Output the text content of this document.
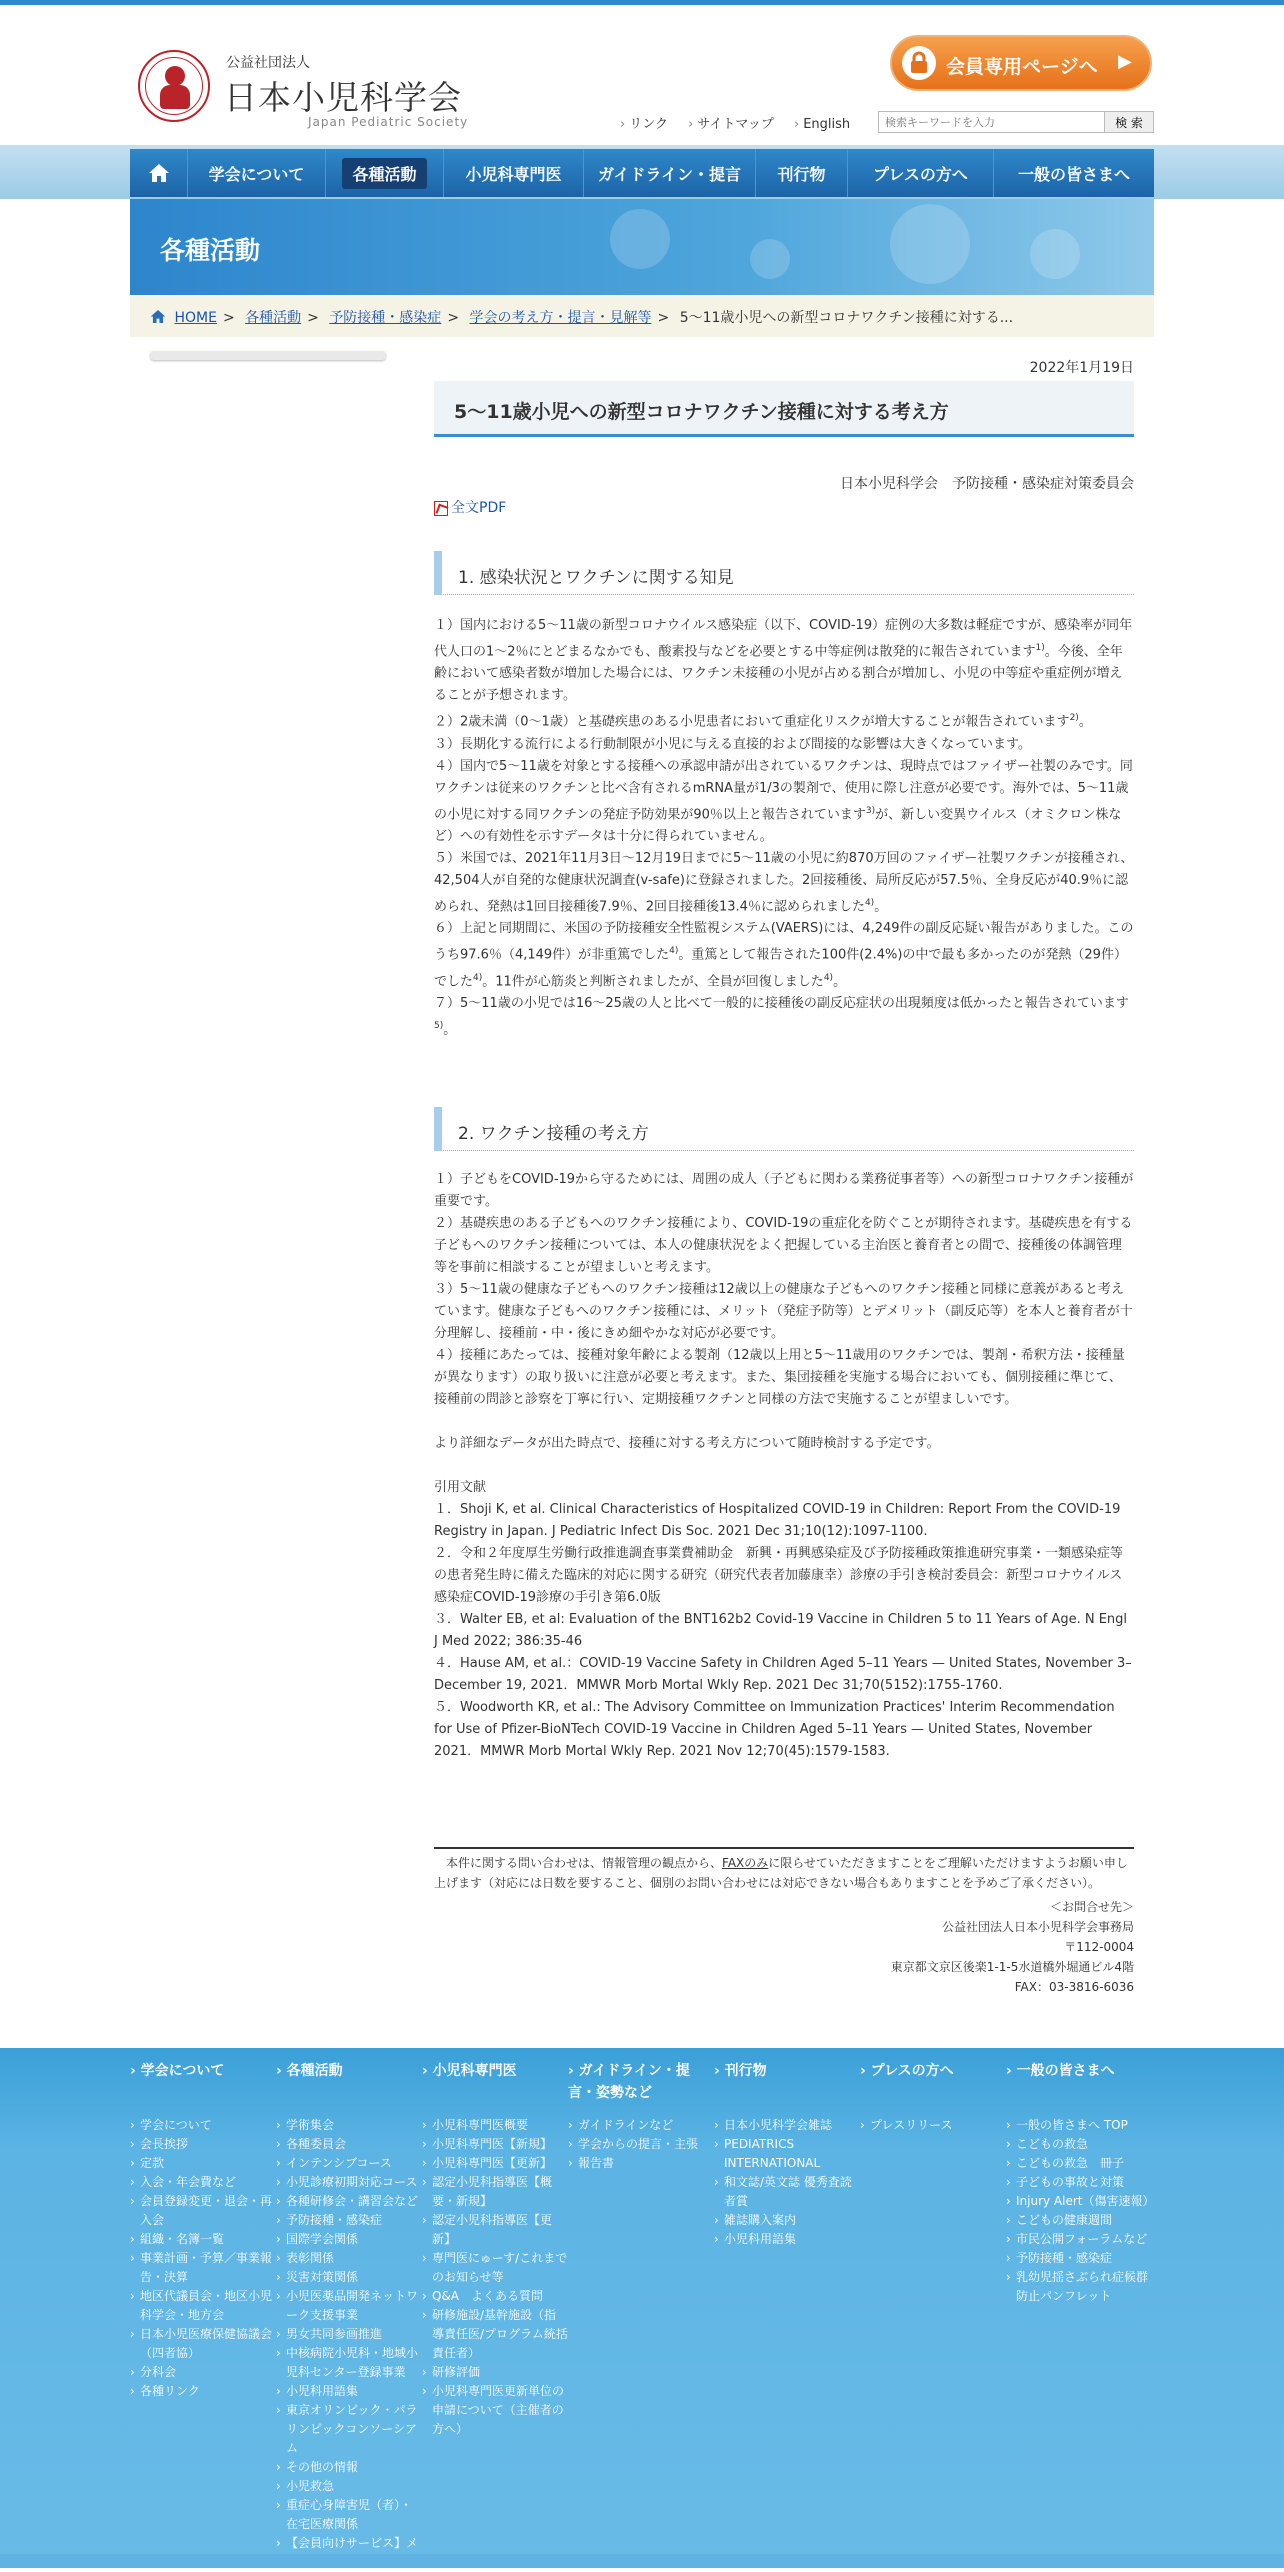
公益社団法人
日本小児科学会
Japan Pediatric Society
会員専用ページへ ▶
› リンク › サイトマップ › English
検索キーワードを入力	検 索
学会について	各種活動	小児科専門医 ガイドライン・提言 刊行物	プレスの方へ	一般の皆さまへ
各種活動
HOME > 各種活動 > 予防接種・感染症 > 学会の考え方・提言・見解等 > 5～11歳小児への新型コロナワクチン接種に対する...
2022年1月19日
5～11歳小児への新型コロナワクチン接種に対する考え方
日本小児科学会　予防接種・感染症対策委員会
全文PDF
1. 感染状況とワクチンに関する知見

１）国内における5～11歳の新型コロナウイルス感染症（以下、COVID-19）症例の大多数は軽症ですが、感染率が同年代人口の1～2％にとどまるなかでも、酸素投与などを必要とする中等症例は散発的に報告されています$^{1)}$。今後、全年齢において感染者数が増加した場合には、ワクチン未接種の小児が占める割合が増加し、小児の中等症や重症例が増えることが予想されます。

２）2歳未満（0～1歳）と基礎疾患のある小児患者において重症化リスクが増大することが報告されています$^{2)}$。

３）長期化する流行による行動制限が小児に与える直接的および間接的な影響は大きくなっています。

４）国内で5～11歳を対象とする接種への承認申請が出されているワクチンは、現時点ではファイザー社製のみです。同ワクチンは従来のワクチンと比べ含有されるmRNA量が1/3の製剤で、使用に際し注意が必要です。海外では、5～11歳の小児に対する同ワクチンの発症予防効果が90％以上と報告されています$^{3)}$が、新しい変異ウイルス（オミクロン株など）への有効性を示すデータは十分に得られていません。

５）米国では、2021年11月3日～12月19日までに5～11歳の小児に約870万回のファイザー社製ワクチンが接種され、42,504人が自発的な健康状況調査(v-safe)に登録されました。2回接種後、局所反応が57.5％、全身反応が40.9％に認められ、発熱は1回目接種後7.9％、2回目接種後13.4％に認められました$^{4)}$。

６）上記と同期間に、米国の予防接種安全性監視システム(VAERS)には、4,249件の副反応疑い報告がありました。このうち97.6％（4,149件）が非重篤でした$^{4)}$。重篤として報告された100件(2.4%)の中で最も多かったのが発熱（29件）でした$^{4)}$。11件が心筋炎と判断されましたが、全員が回復しました$^{4)}$。

７）5～11歳の小児では16～25歳の人と比べて一般的に接種後の副反応症状の出現頻度は低かったと報告されています$^{5)}$。

2. ワクチン接種の考え方

１）子どもをCOVID-19から守るためには、周囲の成人（子どもに関わる業務従事者等）への新型コロナワクチン接種が重要です。

２）基礎疾患のある子どもへのワクチン接種により、COVID-19の重症化を防ぐことが期待されます。基礎疾患を有する子どもへのワクチン接種については、本人の健康状況をよく把握している主治医と養育者との間で、接種後の体調管理等を事前に相談することが望ましいと考えます。

３）5～11歳の健康な子どもへのワクチン接種は12歳以上の健康な子どもへのワクチン接種と同様に意義があると考えています。健康な子どもへのワクチン接種には、メリット（発症予防等）とデメリット（副反応等）を本人と養育者が十分理解し、接種前・中・後にきめ細やかな対応が必要です。

４）接種にあたっては、接種対象年齢による製剤（12歳以上用と5～11歳用のワクチンでは、製剤・希釈方法・接種量が異なります）の取り扱いに注意が必要と考えます。また、集団接種を実施する場合においても、個別接種に準じて、接種前の問診と診察を丁寧に行い、定期接種ワクチンと同様の方法で実施することが望ましいです。

より詳細なデータが出た時点で、接種に対する考え方について随時検討する予定です。

引用文献

１．Shoji K, et al. Clinical Characteristics of Hospitalized COVID-19 in Children: Report From the COVID-19 Registry in Japan. J Pediatric Infect Dis Soc. 2021 Dec 31;10(12):1097-1100.

２．令和２年度厚生労働行政推進調査事業費補助金　新興・再興感染症及び予防接種政策推進研究事業・一類感染症等の患者発生時に備えた臨床的対応に関する研究（研究代表者加藤康幸）診療の手引き検討委員会：新型コロナウイルス感染症COVID-19診療の手引き第6.0版

３．Walter EB, et al: Evaluation of the BNT162b2 Covid-19 Vaccine in Children 5 to 11 Years of Age. N Engl J Med 2022; 386:35-46

４．Hause AM, et al.：COVID-19 Vaccine Safety in Children Aged 5–11 Years — United States, November 3–December 19, 2021．MMWR Morb Mortal Wkly Rep. 2021 Dec 31;70(5152):1755-1760.

５．Woodworth KR, et al.: The Advisory Committee on Immunization Practices' Interim Recommendation for Use of Pfizer-BioNTech COVID-19 Vaccine in Children Aged 5–11 Years — United States, November 2021．MMWR Morb Mortal Wkly Rep. 2021 Nov 12;70(45):1579-1583.

　本件に関する問い合わせは、情報管理の観点から、FAXのみに限らせていただきますことをご理解いただけますようお願い申し上げます（対応には日数を要すること、個別のお問い合わせには対応できない場合もありますことを予めご了承ください）。
＜お問合せ先＞
公益社団法人日本小児科学会事務局
〒112-0004
東京都文京区後楽1-1-5水道橋外堀通ビル4階
FAX：03-3816-6036
› 学会について
› 学会について
› 会長挨拶
› 定款
› 入会・年会費など
› 会員登録変更・退会・再入会
› 組織・名簿一覧
› 事業計画・予算／事業報告・決算
› 地区代議員会・地区小児科学会・地方会
› 日本小児医療保健協議会（四者協）
› 分科会
› 各種リンク
› 各種活動
› 学術集会
› 各種委員会
› インテンシブコース
› 小児診療初期対応コース
› 各種研修会・講習会など
› 予防接種・感染症
› 国際学会関係
› 表彰関係
› 災害対策関係
› 小児医薬品開発ネットワーク支援事業
› 男女共同参画推進
› 中核病院小児科・地域小児科センター登録事業
› 小児科用語集
› 東京オリンピック・パラリンピックコンソーシアム
› その他の情報
› 小児救急
› 重症心身障害児（者）・在宅医療関係
› 【会員向けサービス】メ
› 小児科専門医
› 小児科専門医概要
› 小児科専門医【新規】
› 小児科専門医【更新】
› 認定小児科指導医【概要・新規】
› 認定小児科指導医【更新】
› 専門医にゅーす/これまでのお知らせ等
› Q&A　よくある質問
› 研修施設/基幹施設（指導責任医/プログラム統括責任者）
› 研修評価
› 小児科専門医更新単位の申請について（主催者の方へ）
› ガイドライン・提言・姿勢など
› ガイドラインなど
› 学会からの提言・主張
› 報告書
› 刊行物
› 日本小児科学会雑誌
› PEDIATRICS INTERNATIONAL
› 和文誌/英文誌 優秀査読者賞
› 雑誌購入案内
› 小児科用語集
› プレスの方へ
› プレスリリース
› 一般の皆さまへ
› 一般の皆さまへ TOP
› こどもの救急
› こどもの救急　冊子
› 子どもの事故と対策
› Injury Alert（傷害速報）
› こどもの健康週間
› 市民公開フォーラムなど
› 予防接種・感染症
› 乳幼児揺さぶられ症候群防止パンフレット
